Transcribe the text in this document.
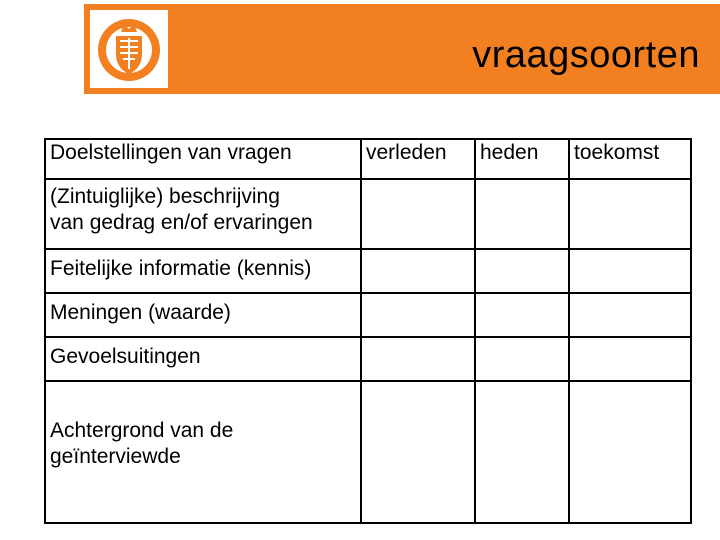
vraagsoorten
Doelstellingen van vragen	verleden	heden	toekomst
(Zintuiglijke) beschrijving
van gedrag en/of ervaringen			
Feitelijke informatie (kennis)			
Meningen (waarde)			
Gevoelsuitingen			
Achtergrond van de
geïnterviewde			
